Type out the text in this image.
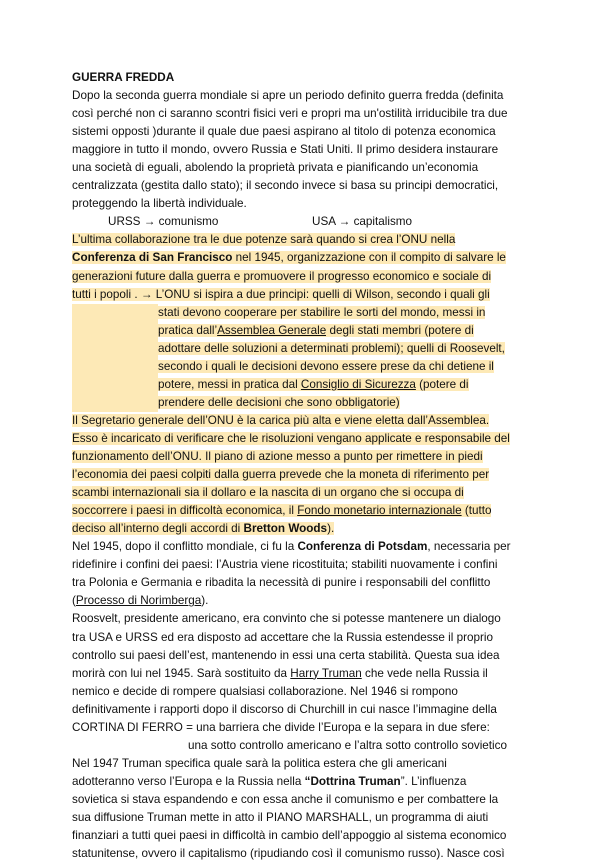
GUERRA FREDDA
Dopo la seconda guerra mondiale si apre un periodo definito guerra fredda (definita
così perché non ci saranno scontri fisici veri e propri ma un'ostilità irriducibile tra due
sistemi opposti )durante il quale due paesi aspirano al titolo di potenza economica
maggiore in tutto il mondo, ovvero Russia e Stati Uniti. Il primo desidera instaurare
una società di eguali, abolendo la proprietà privata e pianificando un’economia
centralizzata (gestita dallo stato); il secondo invece si basa su principi democratici,
proteggendo la libertà individuale.
URSS → comunismo	USA → capitalismo
L’ultima collaborazione tra le due potenze sarà quando si crea l’ONU nella
Conferenza di San Francisco nel 1945, organizzazione con il compito di salvare le
generazioni future dalla guerra e promuovere il progresso economico e sociale di
tutti i popoli . → L’ONU si ispira a due principi: quelli di Wilson, secondo i quali gli
stati devono cooperare per stabilire le sorti del mondo, messi in
pratica dall’Assemblea Generale degli stati membri (potere di
adottare delle soluzioni a determinati problemi); quelli di Roosevelt,
secondo i quali le decisioni devono essere prese da chi detiene il
potere, messi in pratica dal Consiglio di Sicurezza (potere di
prendere delle decisioni che sono obbligatorie)
Il Segretario generale dell’ONU è la carica più alta e viene eletta dall’Assemblea.
Esso è incaricato di verificare che le risoluzioni vengano applicate e responsabile del
funzionamento dell’ONU. Il piano di azione messo a punto per rimettere in piedi
l’economia dei paesi colpiti dalla guerra prevede che la moneta di riferimento per
scambi internazionali sia il dollaro e la nascita di un organo che si occupa di
soccorrere i paesi in difficoltà economica, il Fondo monetario internazionale (tutto
deciso all’interno degli accordi di Bretton Woods).
Nel 1945, dopo il conflitto mondiale, ci fu la Conferenza di Potsdam, necessaria per
ridefinire i confini dei paesi: l’Austria viene ricostituita; stabiliti nuovamente i confini
tra Polonia e Germania e ribadita la necessità di punire i responsabili del conflitto
(Processo di Norimberga).
Roosvelt, presidente americano, era convinto che si potesse mantenere un dialogo
tra USA e URSS ed era disposto ad accettare che la Russia estendesse il proprio
controllo sui paesi dell’est, mantenendo in essi una certa stabilità. Questa sua idea
morirà con lui nel 1945. Sarà sostituito da Harry Truman che vede nella Russia il
nemico e decide di rompere qualsiasi collaborazione. Nel 1946 si rompono
definitivamente i rapporti dopo il discorso di Churchill in cui nasce l’immagine della
CORTINA DI FERRO = una barriera che divide l’Europa e la separa in due sfere:
una sotto controllo americano e l’altra sotto controllo sovietico
Nel 1947 Truman specifica quale sarà la politica estera che gli americani
adotteranno verso l’Europa e la Russia nella “Dottrina Truman”. L’influenza
sovietica si stava espandendo e con essa anche il comunismo e per combattere la
sua diffusione Truman mette in atto il PIANO MARSHALL, un programma di aiuti
finanziari a tutti quei paesi in difficoltà in cambio dell’appoggio al sistema economico
statunitense, ovvero il capitalismo (ripudiando così il comunismo russo). Nasce così
